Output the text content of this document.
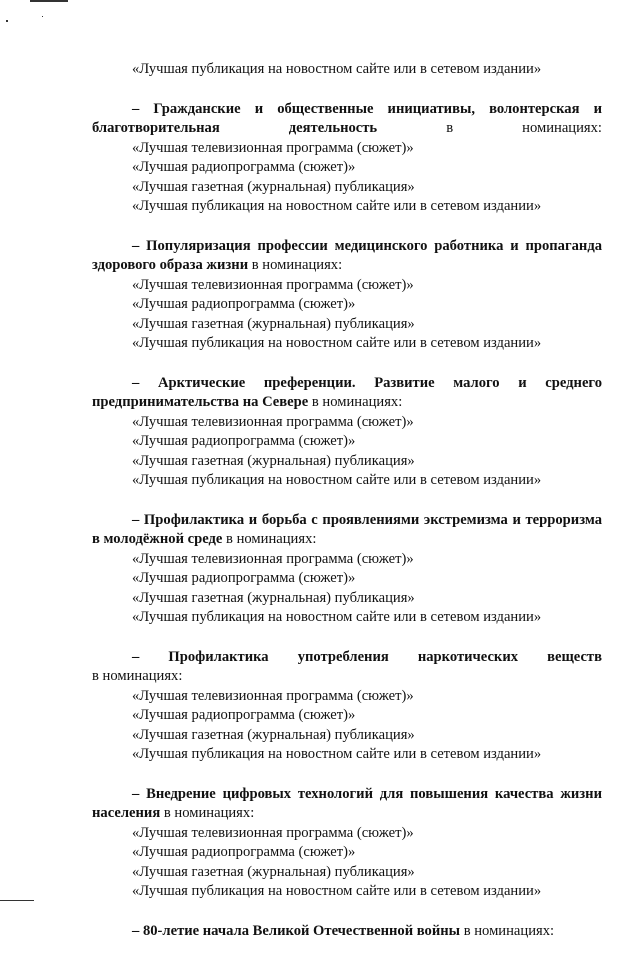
«Лучшая публикация на новостном сайте или в сетевом издании»
– Гражданские и общественные инициативы, волонтерская и благотворительная деятельность в номинациях:
«Лучшая телевизионная программа (сюжет)»
«Лучшая радиопрограмма (сюжет)»
«Лучшая газетная (журнальная) публикация»
«Лучшая публикация на новостном сайте или в сетевом издании»
– Популяризация профессии медицинского работника и пропаганда здорового образа жизни в номинациях:
«Лучшая телевизионная программа (сюжет)»
«Лучшая радиопрограмма (сюжет)»
«Лучшая газетная (журнальная) публикация»
«Лучшая публикация на новостном сайте или в сетевом издании»
– Арктические преференции. Развитие малого и среднего предпринимательства на Севере в номинациях:
«Лучшая телевизионная программа (сюжет)»
«Лучшая радиопрограмма (сюжет)»
«Лучшая газетная (журнальная) публикация»
«Лучшая публикация на новостном сайте или в сетевом издании»
– Профилактика и борьба с проявлениями экстремизма и терроризма в молодёжной среде в номинациях:
«Лучшая телевизионная программа (сюжет)»
«Лучшая радиопрограмма (сюжет)»
«Лучшая газетная (журнальная) публикация»
«Лучшая публикация на новостном сайте или в сетевом издании»
– Профилактика употребления наркотических веществ
в номинациях:
«Лучшая телевизионная программа (сюжет)»
«Лучшая радиопрограмма (сюжет)»
«Лучшая газетная (журнальная) публикация»
«Лучшая публикация на новостном сайте или в сетевом издании»
– Внедрение цифровых технологий для повышения качества жизни населения в номинациях:
«Лучшая телевизионная программа (сюжет)»
«Лучшая радиопрограмма (сюжет)»
«Лучшая газетная (журнальная) публикация»
«Лучшая публикация на новостном сайте или в сетевом издании»
– 80-летие начала Великой Отечественной войны в номинациях:
